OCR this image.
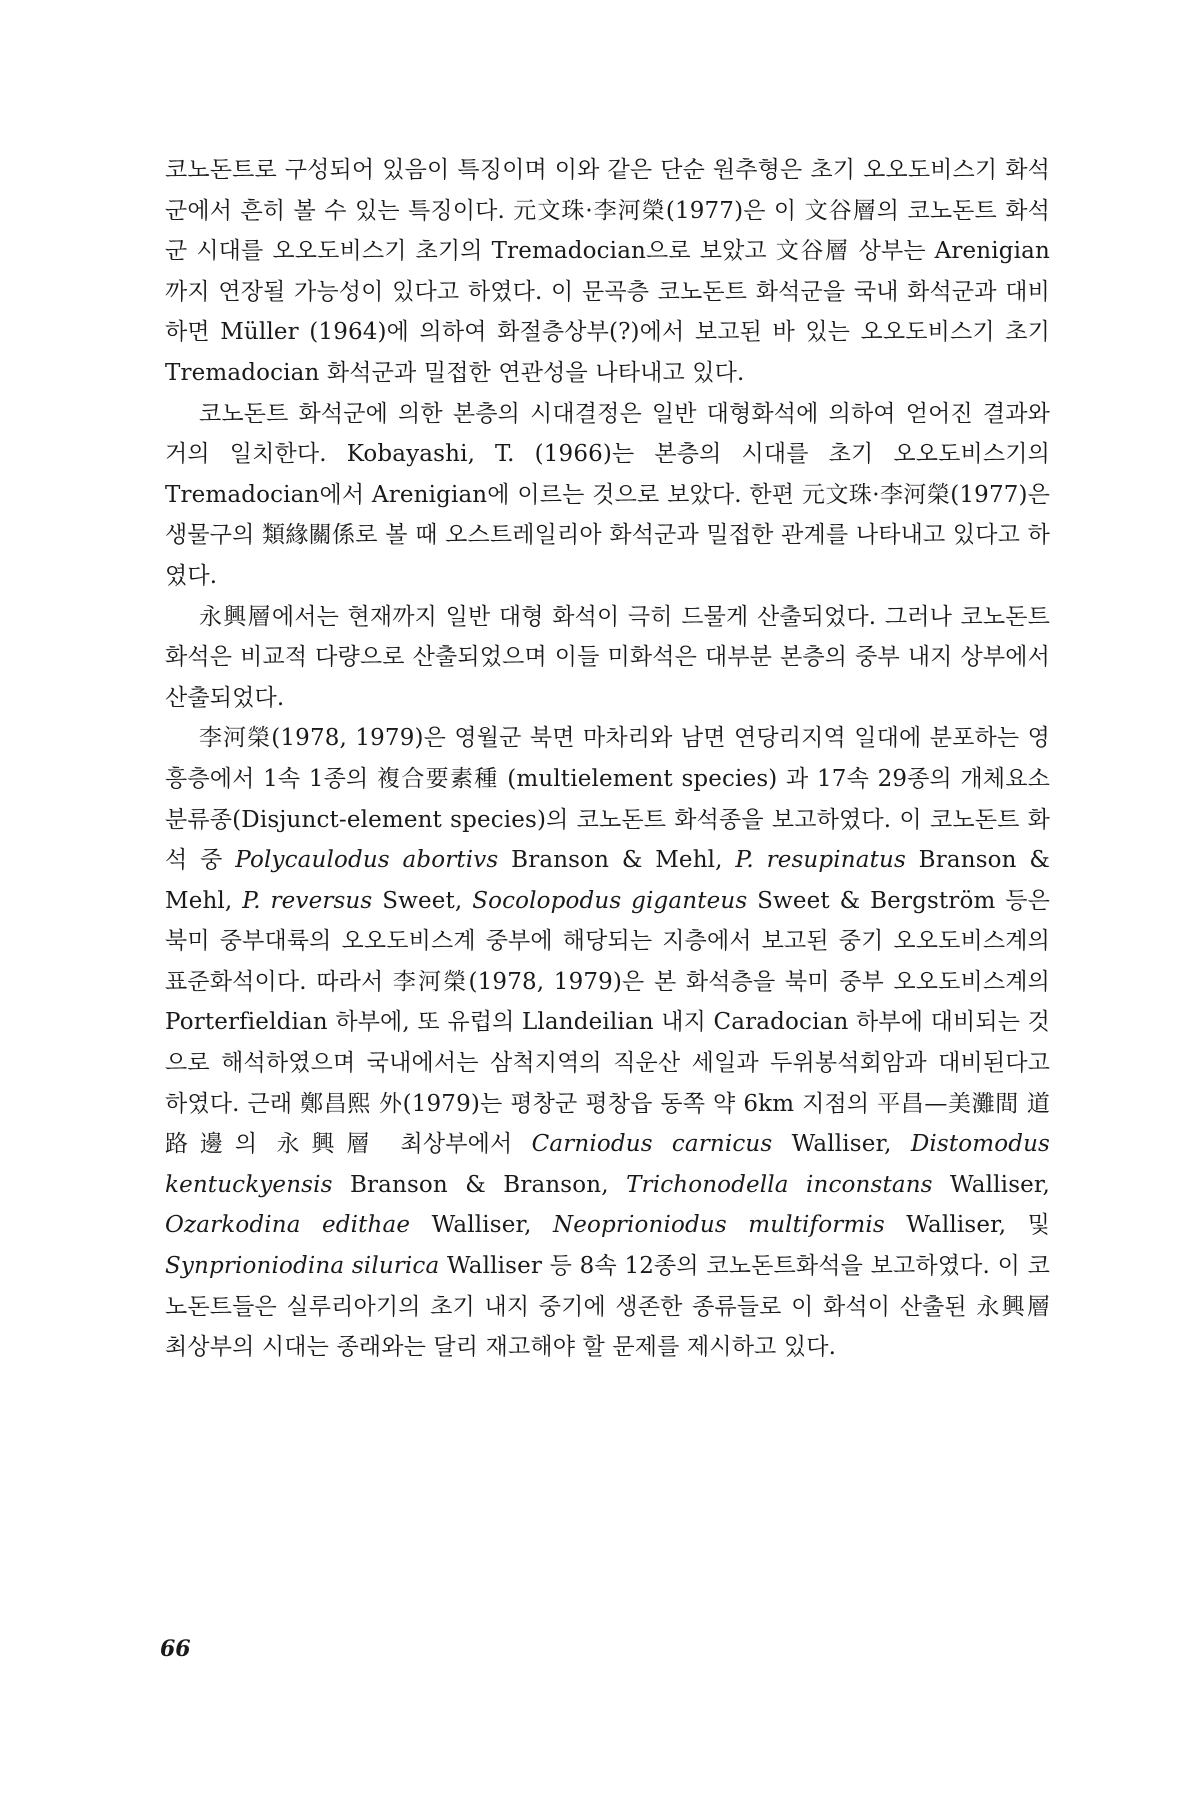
코노돈트로 구성되어 있음이 특징이며 이와 같은 단순 원추형은 초기 오오도비스기 화석군에서 흔히 볼 수 있는 특징이다. 元文珠·李河榮(1977)은 이 文谷層의 코노돈트 화석군 시대를 오오도비스기 초기의 Tremadocian으로 보았고 文谷層 상부는 Arenigian까지 연장될 가능성이 있다고 하였다. 이 문곡층 코노돈트 화석군을 국내 화석군과 대비하면 Müller (1964)에 의하여 화절층상부(?)에서 보고된 바 있는 오오도비스기 초기 Tremadocian 화석군과 밀접한 연관성을 나타내고 있다.

코노돈트 화석군에 의한 본층의 시대결정은 일반 대형화석에 의하여 얻어진 결과와 거의 일치한다. Kobayashi, T. (1966)는 본층의 시대를 초기 오오도비스기의 Tremadocian에서 Arenigian에 이르는 것으로 보았다. 한편 元文珠·李河榮(1977)은 생물구의 類緣關係로 볼 때 오스트레일리아 화석군과 밀접한 관계를 나타내고 있다고 하였다.

永興層에서는 현재까지 일반 대형 화석이 극히 드물게 산출되었다. 그러나 코노돈트 화석은 비교적 다량으로 산출되었으며 이들 미화석은 대부분 본층의 중부 내지 상부에서 산출되었다.

李河榮(1978, 1979)은 영월군 북면 마차리와 남면 연당리지역 일대에 분포하는 영흥층에서 1속 1종의 複合要素種 (multielement species) 과 17속 29종의 개체요소 분류종(Disjunct-element species)의 코노돈트 화석종을 보고하였다. 이 코노돈트 화석 중 Polycaulodus abortivs Branson & Mehl, P. resupinatus Branson & Mehl, P. reversus Sweet, Socolopodus giganteus Sweet & Bergström 등은 북미 중부대륙의 오오도비스계 중부에 해당되는 지층에서 보고된 중기 오오도비스계의 표준화석이다. 따라서 李河榮(1978, 1979)은 본 화석층을 북미 중부 오오도비스계의 Porterfieldian 하부에, 또 유럽의 Llandeilian 내지 Caradocian 하부에 대비되는 것으로 해석하였으며 국내에서는 삼척지역의 직운산 세일과 두위봉석회암과 대비된다고 하였다. 근래 鄭昌熙 外(1979)는 평창군 평창읍 동쪽 약 6km 지점의 平昌—美灘間 道路邊의 永興層 최상부에서 Carniodus carnicus Walliser, Distomodus kentuckyensis Branson & Branson, Trichonodella inconstans Walliser, Ozarkodina edithae Walliser, Neoprioniodus multiformis Walliser, 및 Synprioniodina silurica Walliser 등 8속 12종의 코노돈트화석을 보고하였다. 이 코노돈트들은 실루리아기의 초기 내지 중기에 생존한 종류들로 이 화석이 산출된 永興層 최상부의 시대는 종래와는 달리 재고해야 할 문제를 제시하고 있다.

66
